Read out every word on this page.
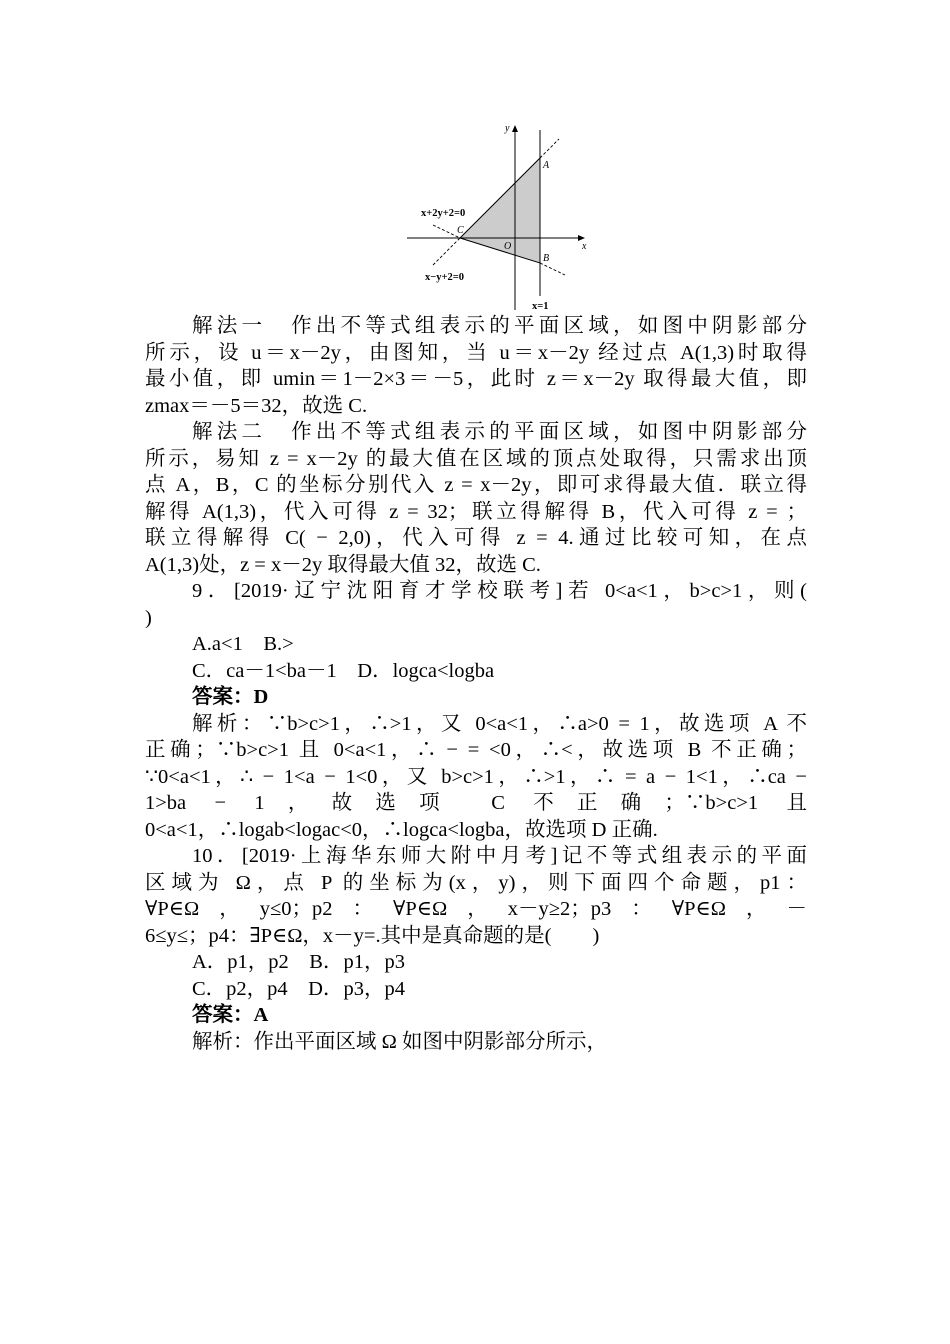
x
y
O
A
B
C
x+2y+2=0
x−y+2=0
x=1
解法一　作出不等式组表示的平面区域，如图中阴影部分
所示，设 u＝x－2y，由图知，当 u＝x－2y 经过点 A(1,3)时取得
最小值，即 umin＝1－2×3＝－5，此时 z＝x－2y 取得最大值，即
zmax＝－5＝32，故选 C.
解法二　作出不等式组表示的平面区域，如图中阴影部分
所示，易知 z = x－2y 的最大值在区域的顶点处取得，只需求出顶
点 A，B，C 的坐标分别代入 z = x－2y，即可求得最大值．联立得
解得 A(1,3)，代入可得 z = 32；联立得解得 B，代入可得 z = ；
联立得解得 C( − 2,0)，代入可得 z = 4.通过比较可知，在点
A(1,3)处，z = x－2y 取得最大值 32，故选 C.
9．[2019·辽宁沈阳育才学校联考]若 0<a<1，b>c>1，则(
)
A.a<1　B.>
C．ca－1<ba－1　D．logca<logba
答案：D
解析：∵b>c>1，∴>1，又 0<a<1，∴a>0 = 1，故选项 A 不
正确；∵b>c>1 且 0<a<1，∴ − = <0，∴<，故选项 B 不正确；
∵0<a<1，∴ − 1<a − 1<0，又 b>c>1，∴>1，∴ = a − 1<1，∴ca −
1>ba − 1，故选项 C 不正确；∵b>c>1 且
0<a<1，∴logab<logac<0，∴logca<logba，故选项 D 正确.
10．[2019·上海华东师大附中月考]记不等式组表示的平面
区域为 Ω，点 P 的坐标为(x，y)，则下面四个命题，p1：
∀P∈Ω，y≤0；p2：∀P∈Ω，x－y≥2；p3：∀P∈Ω，－
6≤y≤；p4：∃P∈Ω，x－y=.其中是真命题的是(　　)
A．p1，p2　B．p1，p3
C．p2，p4　D．p3，p4
答案：A
解析：作出平面区域 Ω 如图中阴影部分所示，
